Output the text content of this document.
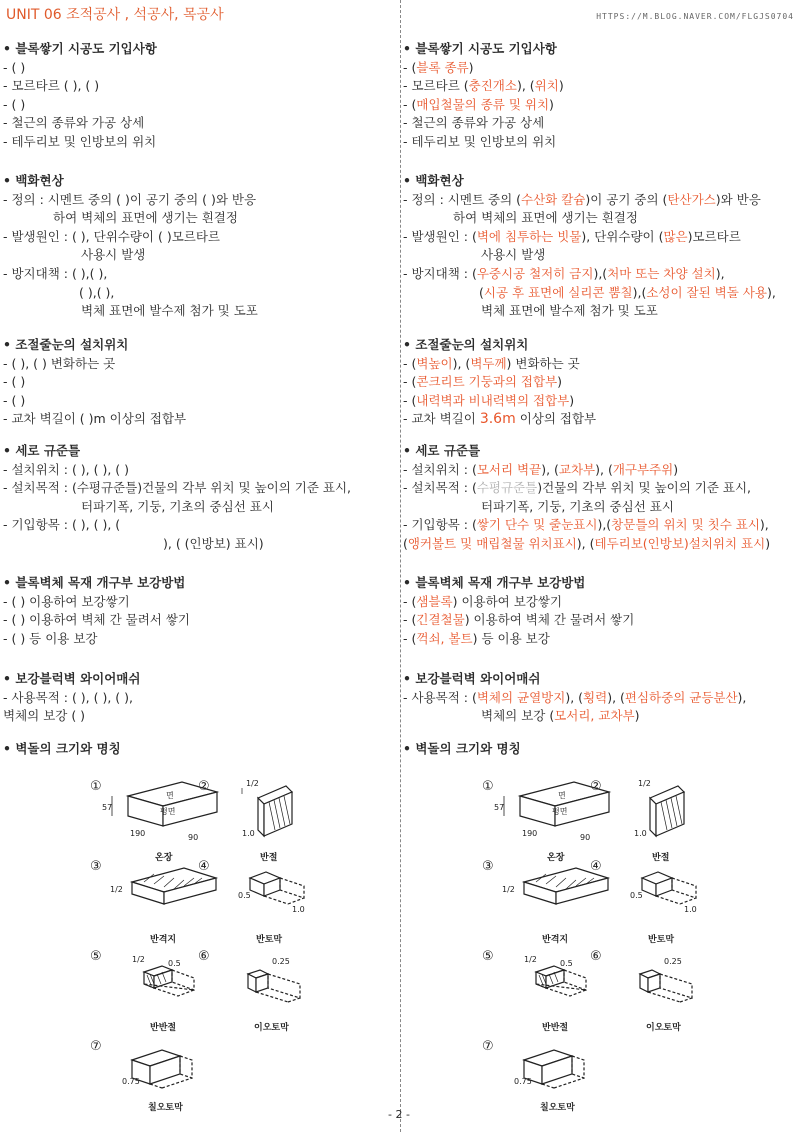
UNIT 06 조적공사 , 석공사, 목공사	HTTPS://M.BLOG.NAVER.COM/FLGJS0704
• 블록쌓기 시공도 기입사항
- ( )
- 모르타르 ( ), ( )
- ( )
- 철근의 종류와 가공 상세
- 테두리보 및 인방보의 위치
• 백화현상
- 정의 : 시멘트 중의 ( )이 공기 중의 ( )와 반응
하여 벽체의 표면에 생기는 흰결정
- 발생원인 : ( ), 단위수량이 ( )모르타르
사용시 발생
- 방지대책 : ( ),( ),
( ),( ),
벽체 표면에 발수제 첨가 및 도포
• 조절줄눈의 설치위치
- ( ), ( ) 변화하는 곳
- ( )
- ( )
- 교차 벽길이 ( )m 이상의 접합부
• 세로 규준틀
- 설치위치 : ( ), ( ), ( )
- 설치목적 : (수평규준틀)건물의 각부 위치 및 높이의 기준 표시,
터파기폭, 기둥, 기초의 중심선 표시
- 기입항목 : ( ), ( ), (
), ( (인방보) 표시)
• 블록벽체 목재 개구부 보강방법
- ( ) 이용하여 보강쌓기
- ( ) 이용하여 벽체 간 물려서 쌓기
- ( ) 등 이용 보강
• 보강블럭벽 와이어매쉬
- 사용목적 : ( ), ( ), ( ),
벽체의 보강 ( )
• 벽돌의 크기와 명칭
• 블록쌓기 시공도 기입사항
- (블록 종류)
- 모르타르 (충진개소), (위치)
- (매입철물의 종류 및 위치)
- 철근의 종류와 가공 상세
- 테두리보 및 인방보의 위치
• 백화현상
- 정의 : 시멘트 중의 (수산화 칼슘)이 공기 중의 (탄산가스)와 반응
하여 벽체의 표면에 생기는 흰결정
- 발생원인 : (벽에 침투하는 빗물), 단위수량이 (많은)모르타르
사용시 발생
- 방지대책 : (우중시공 철저히 금지),(처마 또는 차양 설치),
(시공 후 표면에 실리콘 뿜칠),(소성이 잘된 벽돌 사용),
벽체 표면에 발수제 첨가 및 도포
• 조절줄눈의 설치위치
- (벽높이), (벽두께) 변화하는 곳
- (콘크리트 기둥과의 접합부)
- (내력벽과 비내력벽의 접합부)
- 교차 벽길이 3.6m 이상의 접합부
• 세로 규준틀
- 설치위치 : (모서리 벽끝), (교차부), (개구부주위)
- 설치목적 : (수평규준틀)건물의 각부 위치 및 높이의 기준 표시,
터파기폭, 기둥, 기초의 중심선 표시
- 기입항목 : (쌓기 단수 및 줄눈표시),(창문틀의 위치 및 칫수 표시),
(앵커볼트 및 매립철물 위치표시), (테두리보(인방보)설치위치 표시)
• 블록벽체 목재 개구부 보강방법
- (샘블록) 이용하여 보강쌓기
- (긴결철물) 이용하여 벽체 간 물려서 쌓기
- (꺽쇠, 볼트) 등 이용 보강
• 보강블럭벽 와이어매쉬
- 사용목적 : (벽체의 균열방지), (횡력), (편심하중의 균등분산),
벽체의 보강 (모서리, 교차부)
• 벽돌의 크기와 명칭
①	②
③	④
⑤	⑥
⑦
57
190	90
면
평면
1/2
1.0
1/2
0.5
1.0
1/2	0.5	0.25
0.75
온장	반절
반격지	반토막
반반절	이오토막
칠오토막
①	②
③	④
⑤	⑥
⑦
57
190	90
면
평면
1/2
1.0
1/2
0.5
1.0
1/2	0.5	0.25
0.75
온장	반절
반격지	반토막
반반절	이오토막
칠오토막
- 2 -
